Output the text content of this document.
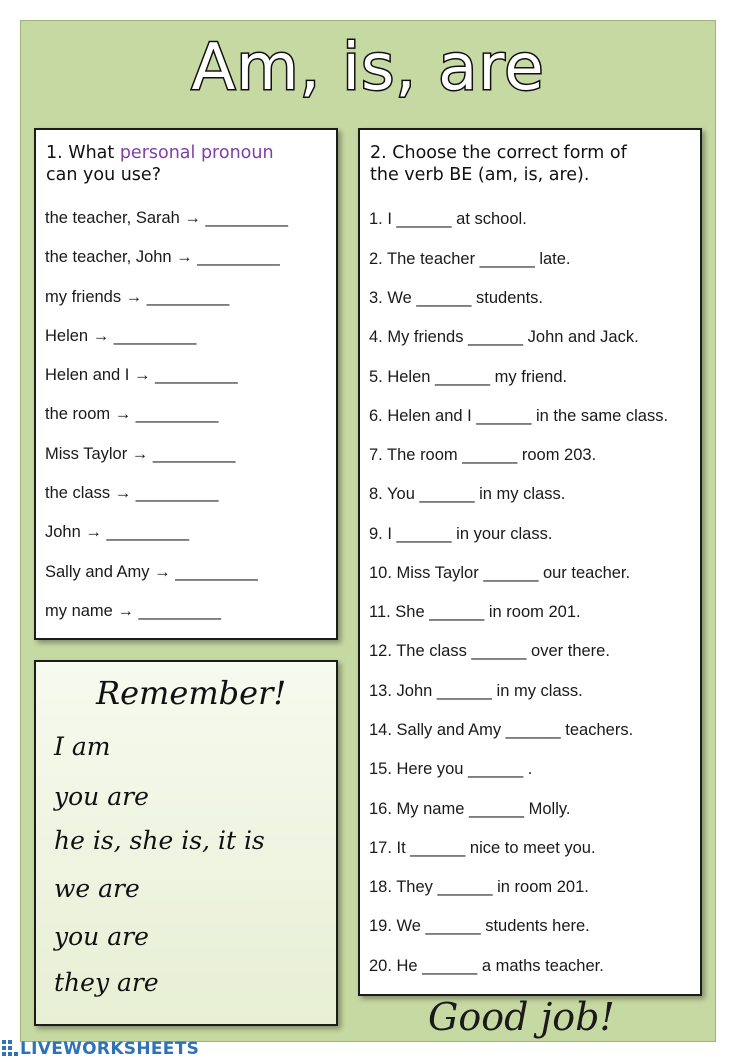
Am, is, are
1. What personal pronoun
can you use?
the teacher, Sarah → _________
the teacher, John → _________
my friends → _________
Helen → _________
Helen and I → _________
the room → _________
Miss Taylor → _________
the class → _________
John → _________
Sally and Amy → _________
my name → _________
2. Choose the correct form of
the verb BE (am, is, are).
1. I ______ at school.
2. The teacher ______ late.
3. We ______ students.
4. My friends ______ John and Jack.
5. Helen ______ my friend.
6. Helen and I ______ in the same class.
7. The room ______ room 203.
8. You ______ in my class.
9. I ______ in your class.
10. Miss Taylor ______ our teacher.
11. She ______ in room 201.
12. The class ______ over there.
13. John ______ in my class.
14. Sally and Amy ______ teachers.
15. Here you ______ .
16. My name ______ Molly.
17. It ______ nice to meet you.
18. They ______ in room 201.
19. We ______ students here.
20. He ______ a maths teacher.
Remember!
I am
you are
he is, she is, it is
we are
you are
they are
Good job!
LIVEWORKSHEETS
